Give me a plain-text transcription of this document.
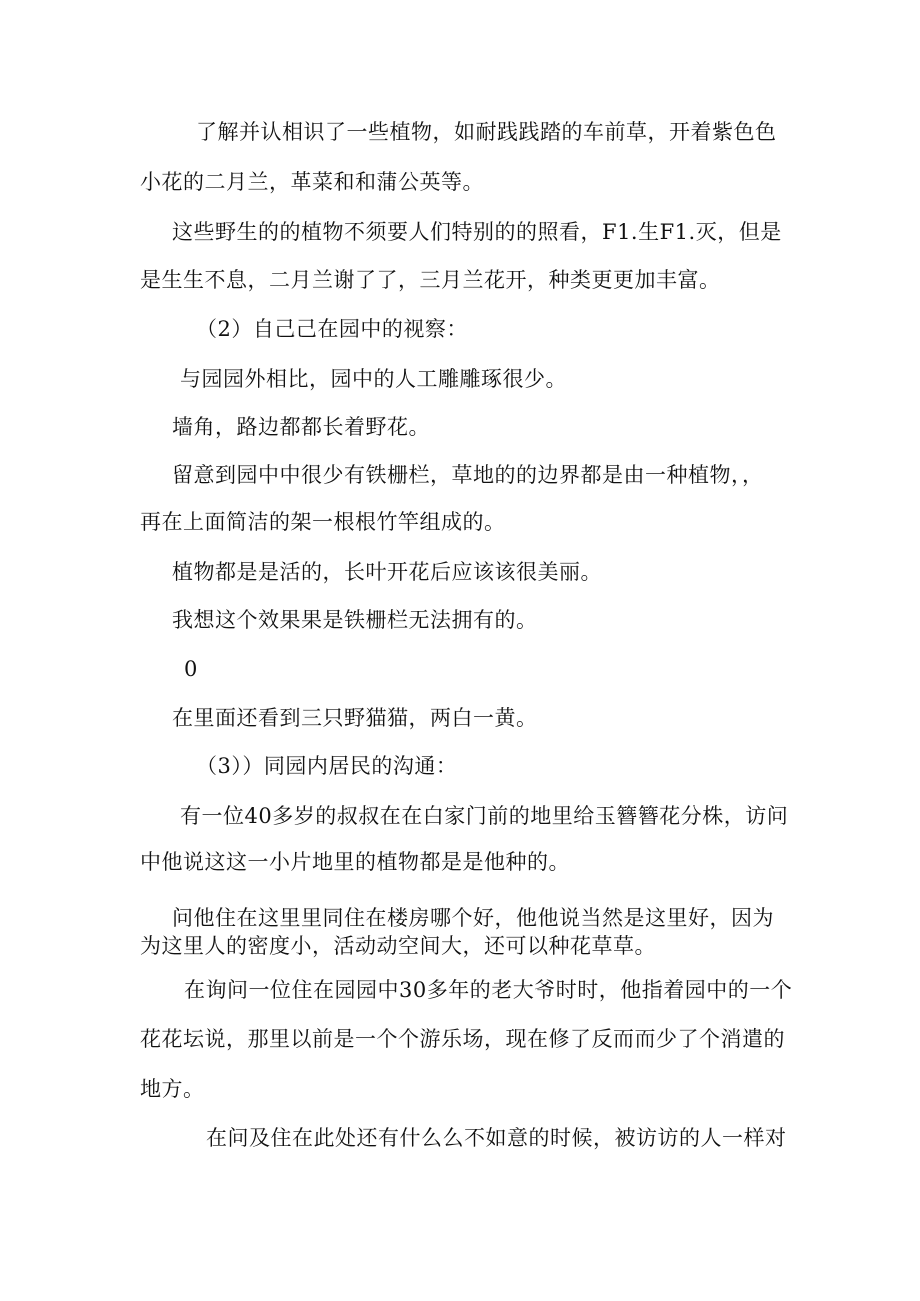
了解并认相识了一些植物，如耐践践踏的车前草，开着紫色色
小花的二月兰，革菜和和蒲公英等。
这些野生的的植物不须要人们特别的的照看，F1.生F1.灭，但是
是生生不息，二月兰谢了了，三月兰花开，种类更更加丰富。
（2）自己己在园中的视察：
与园园外相比，园中的人工雕雕琢很少。
墙角，路边都都长着野花。
留意到园中中很少有铁栅栏，草地的的边界都是由一种植物，，
再在上面简洁的架一根根竹竿组成的。
植物都是是活的，长叶开花后应该该很美丽。
我想这个效果果是铁栅栏无法拥有的。
0
在里面还看到三只野猫猫，两白一黄。
（3））同园内居民的沟通：
有一位40多岁的叔叔在在白家门前的地里给玉簪簪花分株，访问
中他说这这一小片地里的植物都是是他种的。
问他住在这里里同住在楼房哪个好，他他说当然是这里好，因为
为这里人的密度小，活动动空间大，还可以种花草草。
在询问一位住在园园中30多年的老大爷时时，他指着园中的一个
花花坛说，那里以前是一个个游乐场，现在修了反而而少了个消遣的
地方。
在问及住在此处还有什么么不如意的时候，被访访的人一样对
